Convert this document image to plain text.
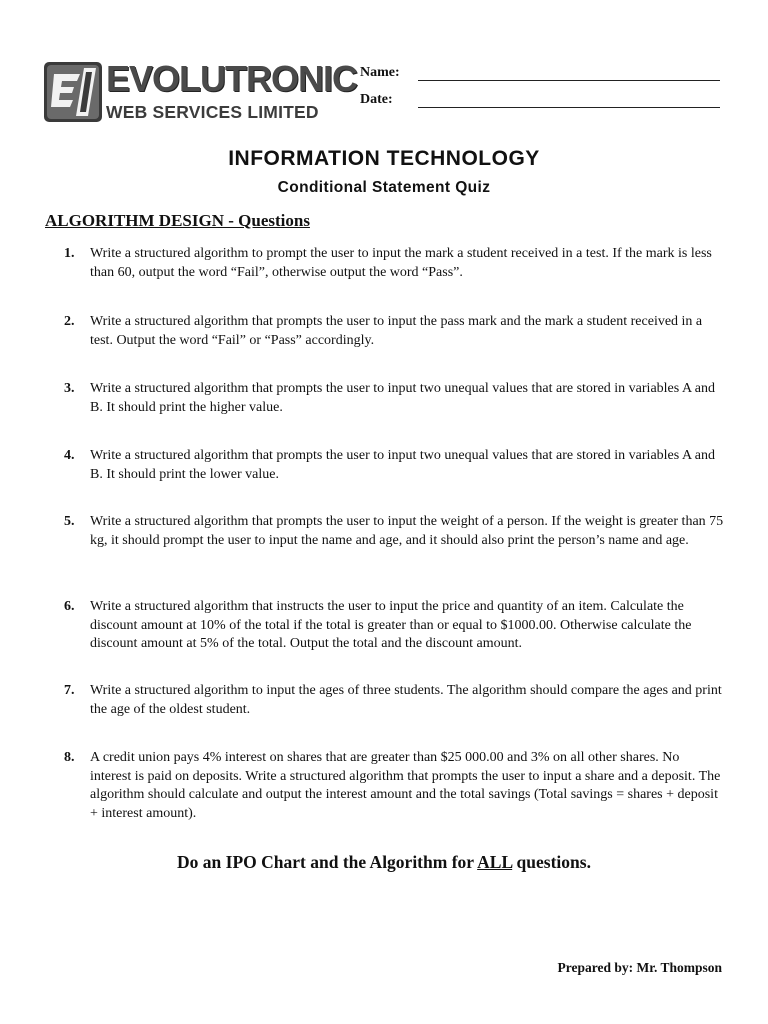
EVOLUTRONIC
WEB SERVICES LIMITED
Name:
Date:
INFORMATION TECHNOLOGY
Conditional Statement Quiz
ALGORITHM DESIGN - Questions
1.	Write a structured algorithm to prompt the user to input the mark a student received in a test. If the mark is less than 60, output the word “Fail”, otherwise output the word “Pass”.
2.	Write a structured algorithm that prompts the user to input the pass mark and the mark a student received in a test. Output the word “Fail” or “Pass” accordingly.
3.	Write a structured algorithm that prompts the user to input two unequal values that are stored in variables A and B. It should print the higher value.
4.	Write a structured algorithm that prompts the user to input two unequal values that are stored in variables A and B. It should print the lower value.
5.	Write a structured algorithm that prompts the user to input the weight of a person. If the weight is greater than 75 kg, it should prompt the user to input the name and age, and it should also print the person’s name and age.
6.	Write a structured algorithm that instructs the user to input the price and quantity of an item. Calculate the discount amount at 10% of the total if the total is greater than or equal to $1000.00. Otherwise calculate the discount amount at 5% of the total. Output the total and the discount amount.
7.	Write a structured algorithm to input the ages of three students. The algorithm should compare the ages and print the age of the oldest student.
8.	A credit union pays 4% interest on shares that are greater than $25 000.00 and 3% on all other shares. No interest is paid on deposits. Write a structured algorithm that prompts the user to input a share and a deposit. The algorithm should calculate and output the interest amount and the total savings (Total savings = shares + deposit + interest amount).
Do an IPO Chart and the Algorithm for ALL questions.
Prepared by: Mr. Thompson
